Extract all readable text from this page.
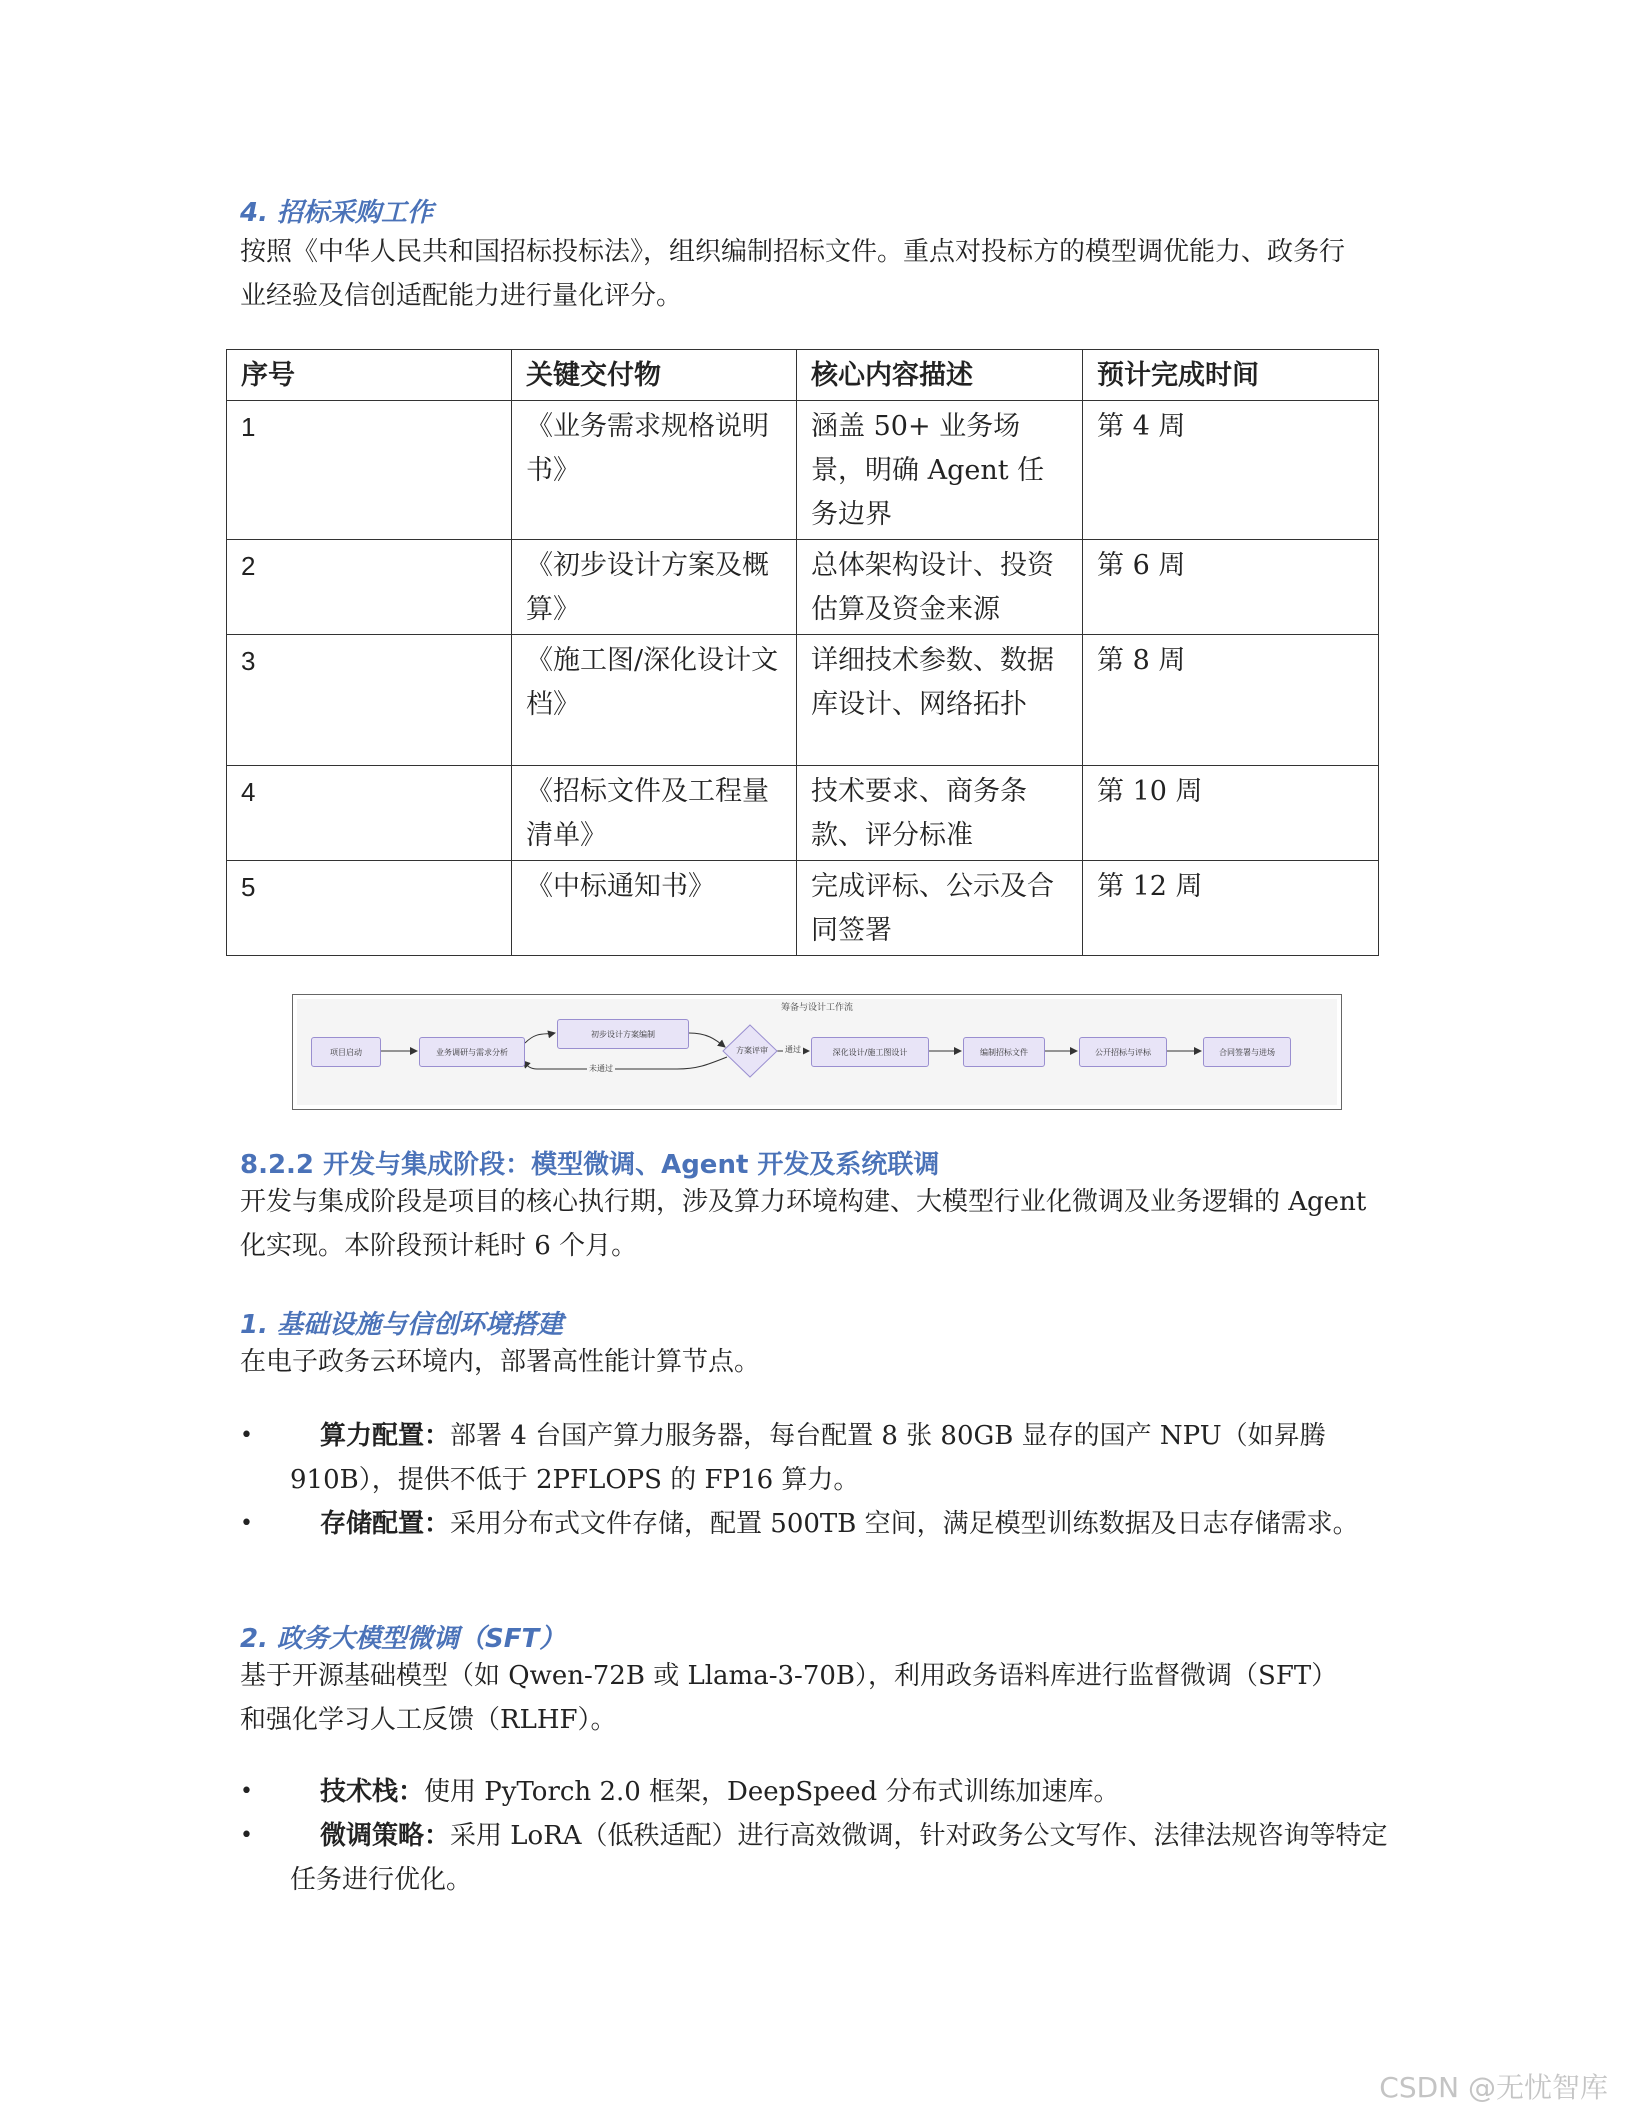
4. 招标采购工作

按照《中华人民共和国招标投标法》，组织编制招标文件。重点对投标方的模型调优能力、政务行业经验及信创适配能力进行量化评分。

序号	关键交付物	核心内容描述	预计完成时间
1	《业务需求规格说明书》	涵盖 50+ 业务场景，明确 Agent 任务边界	第 4 周
2	《初步设计方案及概算》	总体架构设计、投资估算及资金来源	第 6 周
3	《施工图/深化设计文档》	详细技术参数、数据库设计、网络拓扑	第 8 周
4	《招标文件及工程量清单》	技术要求、商务条款、评分标准	第 10 周
5	《中标通知书》	完成评标、公示及合同签署	第 12 周
筹备与设计工作流
项目启动	业务调研与需求分析
初步设计方案编制
方案评审 通过
未通过
深化设计/施工图设计	编制招标文件	公开招标与评标	合同签署与进场
8.2.2 开发与集成阶段：模型微调、Agent 开发及系统联调

开发与集成阶段是项目的核心执行期，涉及算力环境构建、大模型行业化微调及业务逻辑的 Agent 化实现。本阶段预计耗时 6 个月。

1. 基础设施与信创环境搭建

在电子政务云环境内，部署高性能计算节点。

•	算力配置：部署 4 台国产算力服务器，每台配置 8 张 80GB 显存的国产 NPU（如昇腾 910B），提供不低于 2PFLOPS 的 FP16 算力。
•	存储配置：采用分布式文件存储，配置 500TB 空间，满足模型训练数据及日志存储需求。
2. 政务大模型微调（SFT）

基于开源基础模型（如 Qwen-72B 或 Llama-3-70B），利用政务语料库进行监督微调（SFT）和强化学习人工反馈（RLHF）。

•	技术栈：使用 PyTorch 2.0 框架，DeepSpeed 分布式训练加速库。
•	微调策略：采用 LoRA（低秩适配）进行高效微调，针对政务公文写作、法律法规咨询等特定任务进行优化。
CSDN @无忧智库
